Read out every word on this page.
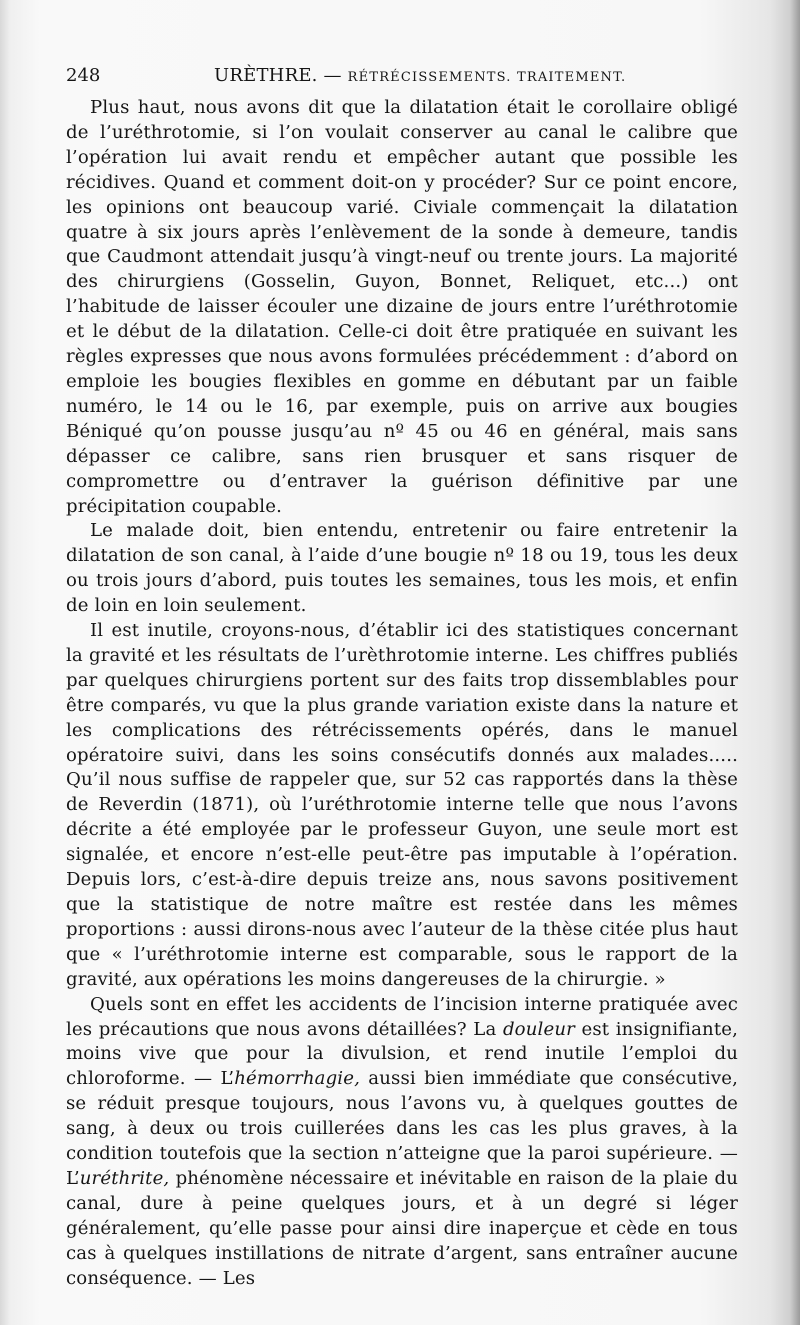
248	URÈTHRE. — RÉTRÉCISSEMENTS. TRAITEMENT.

Plus haut, nous avons dit que la dilatation était le corollaire obligé de l’uréthrotomie, si l’on voulait conserver au canal le calibre que l’opération lui avait rendu et empêcher autant que possible les récidives. Quand et comment doit-on y procéder? Sur ce point encore, les opinions ont beaucoup varié. Civiale commençait la dilatation quatre à six jours après l’enlèvement de la sonde à demeure, tandis que Caudmont attendait jusqu’à vingt-neuf ou trente jours. La majorité des chirurgiens (Gosselin, Guyon, Bonnet, Reliquet, etc...) ont l’habitude de laisser écouler une dizaine de jours entre l’uréthrotomie et le début de la dilatation. Celle-ci doit être pratiquée en suivant les règles expresses que nous avons formulées précédemment : d’abord on emploie les bougies flexibles en gomme en débutant par un faible numéro, le 14 ou le 16, par exemple, puis on arrive aux bougies Béniqué qu’on pousse jusqu’au nº 45 ou 46 en général, mais sans dépasser ce calibre, sans rien brusquer et sans risquer de compromettre ou d’entraver la guérison définitive par une précipitation coupable.

Le malade doit, bien entendu, entretenir ou faire entretenir la dilatation de son canal, à l’aide d’une bougie nº 18 ou 19, tous les deux ou trois jours d’abord, puis toutes les semaines, tous les mois, et enfin de loin en loin seulement.

Il est inutile, croyons-nous, d’établir ici des statistiques concernant la gravité et les résultats de l’urèthrotomie interne. Les chiffres publiés par quelques chirurgiens portent sur des faits trop dissemblables pour être comparés, vu que la plus grande variation existe dans la nature et les complications des rétrécissements opérés, dans le manuel opératoire suivi, dans les soins consécutifs donnés aux malades..... Qu’il nous suffise de rappeler que, sur 52 cas rapportés dans la thèse de Reverdin (1871), où l’uréthrotomie interne telle que nous l’avons décrite a été employée par le professeur Guyon, une seule mort est signalée, et encore n’est-elle peut-être pas imputable à l’opération. Depuis lors, c’est-à-dire depuis treize ans, nous savons positivement que la statistique de notre maître est restée dans les mêmes proportions : aussi dirons-nous avec l’auteur de la thèse citée plus haut que « l’uréthrotomie interne est comparable, sous le rapport de la gravité, aux opérations les moins dangereuses de la chirurgie. »

Quels sont en effet les accidents de l’incision interne pratiquée avec les précautions que nous avons détaillées? La douleur est insignifiante, moins vive que pour la divulsion, et rend inutile l’emploi du chloroforme. — L’hémorrhagie, aussi bien immédiate que consécutive, se réduit presque toujours, nous l’avons vu, à quelques gouttes de sang, à deux ou trois cuillerées dans les cas les plus graves, à la condition toutefois que la section n’atteigne que la paroi supérieure. — L’uréthrite, phénomène nécessaire et inévitable en raison de la plaie du canal, dure à peine quelques jours, et à un degré si léger généralement, qu’elle passe pour ainsi dire inaperçue et cède en tous cas à quelques instillations de nitrate d’argent, sans entraîner aucune conséquence. — Les
